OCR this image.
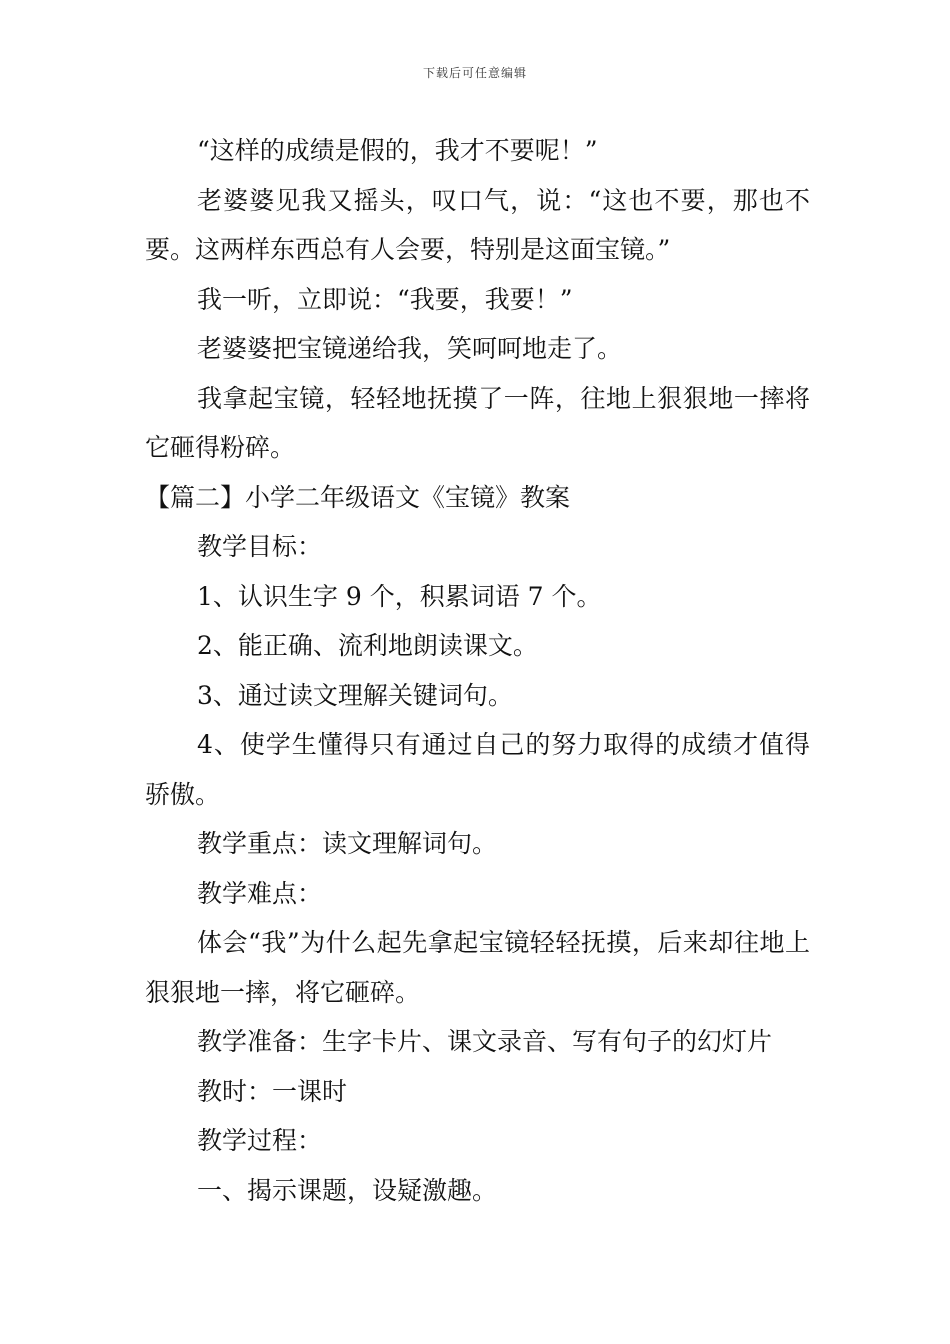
下载后可任意编辑

“这样的成绩是假的，我才不要呢！”

老婆婆见我又摇头，叹口气，说：“这也不要，那也不要。这两样东西总有人会要，特别是这面宝镜。”

我一听，立即说：“我要，我要！”

老婆婆把宝镜递给我，笑呵呵地走了。

我拿起宝镜，轻轻地抚摸了一阵，往地上狠狠地一摔将它砸得粉碎。

【篇二】小学二年级语文《宝镜》教案

教学目标：

1、认识生字 9 个，积累词语 7 个。

2、能正确、流利地朗读课文。

3、通过读文理解关键词句。

4、使学生懂得只有通过自己的努力取得的成绩才值得骄傲。

教学重点：读文理解词句。

教学难点：

体会“我”为什么起先拿起宝镜轻轻抚摸，后来却往地上狠狠地一摔，将它砸碎。

教学准备：生字卡片、课文录音、写有句子的幻灯片

教时：一课时

教学过程：

一、揭示课题，设疑激趣。
